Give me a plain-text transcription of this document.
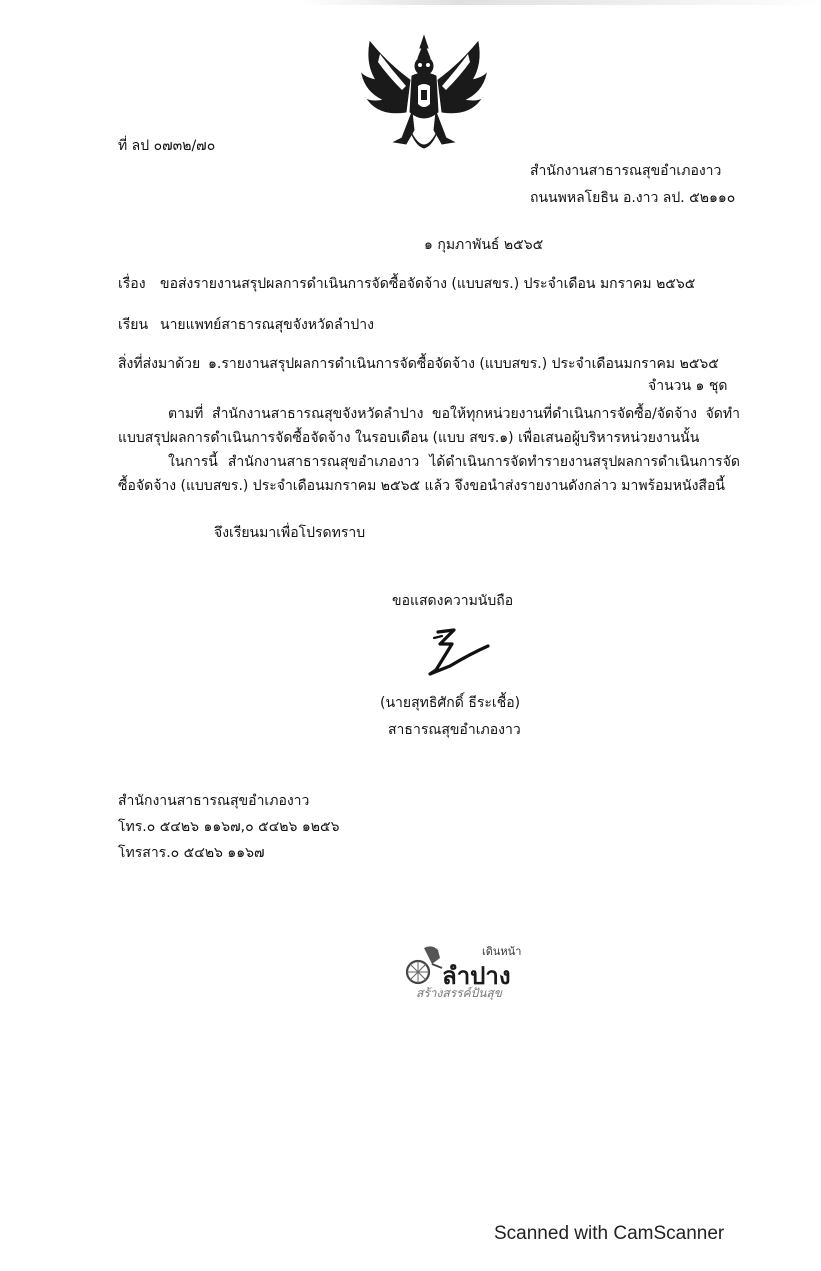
ที่ ลป ๐๗๓๒/๗๐
สำนักงานสาธารณสุขอำเภองาว
ถนนพหลโยธิน อ.งาว ลป. ๕๒๑๑๐
๑ กุมภาพันธ์ ๒๕๖๕
เรื่อง ขอส่งรายงานสรุปผลการดำเนินการจัดซื้อจัดจ้าง (แบบสขร.) ประจำเดือน มกราคม ๒๕๖๕
เรียน นายแพทย์สาธารณสุขจังหวัดลำปาง
สิ่งที่ส่งมาด้วย ๑.รายงานสรุปผลการดำเนินการจัดซื้อจัดจ้าง (แบบสขร.) ประจำเดือนมกราคม ๒๕๖๕
จำนวน ๑ ชุด
ตามที่ สำนักงานสาธารณสุขจังหวัดลำปาง ขอให้ทุกหน่วยงานที่ดำเนินการจัดซื้อ/จัดจ้าง จัดทำแบบสรุปผลการดำเนินการจัดซื้อจัดจ้าง ในรอบเดือน (แบบ สขร.๑) เพื่อเสนอผู้บริหารหน่วยงานนั้น
ในการนี้ สำนักงานสาธารณสุขอำเภองาว ได้ดำเนินการจัดทำรายงานสรุปผลการดำเนินการจัดซื้อจัดจ้าง (แบบสขร.) ประจำเดือนมกราคม ๒๕๖๕ แล้ว จึงขอนำส่งรายงานดังกล่าว มาพร้อมหนังสือนี้
จึงเรียนมาเพื่อโปรดทราบ
ขอแสดงความนับถือ
(นายสุทธิศักดิ์ ธีระเชื้อ)
สาธารณสุขอำเภองาว
สำนักงานสาธารณสุขอำเภองาว
โทร.๐ ๕๔๒๖ ๑๑๖๗,๐ ๕๔๒๖ ๑๒๕๖
โทรสาร.๐ ๕๔๒๖ ๑๑๖๗
เดินหน้า
ลำปาง
สร้างสรรค์ปันสุข
Scanned with CamScanner
